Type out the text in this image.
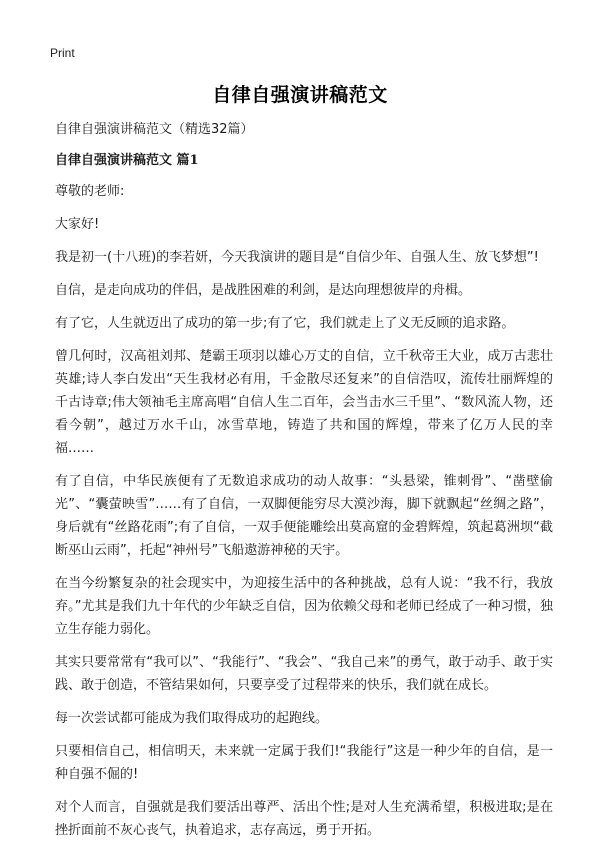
Print
自律自强演讲稿范文

自律自强演讲稿范文（精选32篇）

自律自强演讲稿范文 篇1

尊敬的老师:

大家好!

我是初一(十八班)的李若妍，今天我演讲的题目是“自信少年、自强人生、放飞梦想”!

自信，是走向成功的伴侣，是战胜困难的利剑，是达向理想彼岸的舟楫。

有了它，人生就迈出了成功的第一步;有了它，我们就走上了义无反顾的追求路。

曾几何时，汉高祖刘邦、楚霸王项羽以雄心万丈的自信，立千秋帝王大业，成万古悲壮英雄;诗人李白发出“天生我材必有用，千金散尽还复来”的自信浩叹，流传壮丽辉煌的千古诗章;伟大领袖毛主席高唱“自信人生二百年，会当击水三千里”、“数风流人物，还看今朝”，越过万水千山，冰雪草地，铸造了共和国的辉煌，带来了亿万人民的幸福……

有了自信，中华民族便有了无数追求成功的动人故事：“头悬梁，锥刺骨”、“凿壁偷光”、“囊萤映雪”……有了自信，一双脚便能穷尽大漠沙海，脚下就飘起“丝绸之路”，身后就有“丝路花雨”;有了自信，一双手便能雕绘出莫高窟的金碧辉煌，筑起葛洲坝“截断巫山云雨”，托起“神州号”飞船遨游神秘的天宇。

在当今纷繁复杂的社会现实中，为迎接生活中的各种挑战，总有人说：“我不行，我放弃。”尤其是我们九十年代的少年缺乏自信，因为依赖父母和老师已经成了一种习惯，独立生存能力弱化。

其实只要常常有“我可以”、“我能行”、“我会”、“我自己来”的勇气，敢于动手、敢于实践、敢于创造，不管结果如何，只要享受了过程带来的快乐，我们就在成长。

每一次尝试都可能成为我们取得成功的起跑线。

只要相信自己，相信明天，未来就一定属于我们!“我能行”这是一种少年的自信，是一种自强不倔的!

对个人而言，自强就是我们要活出尊严、活出个性;是对人生充满希望，积极进取;是在挫折面前不灰心丧气，执着追求，志存高远，勇于开拓。
